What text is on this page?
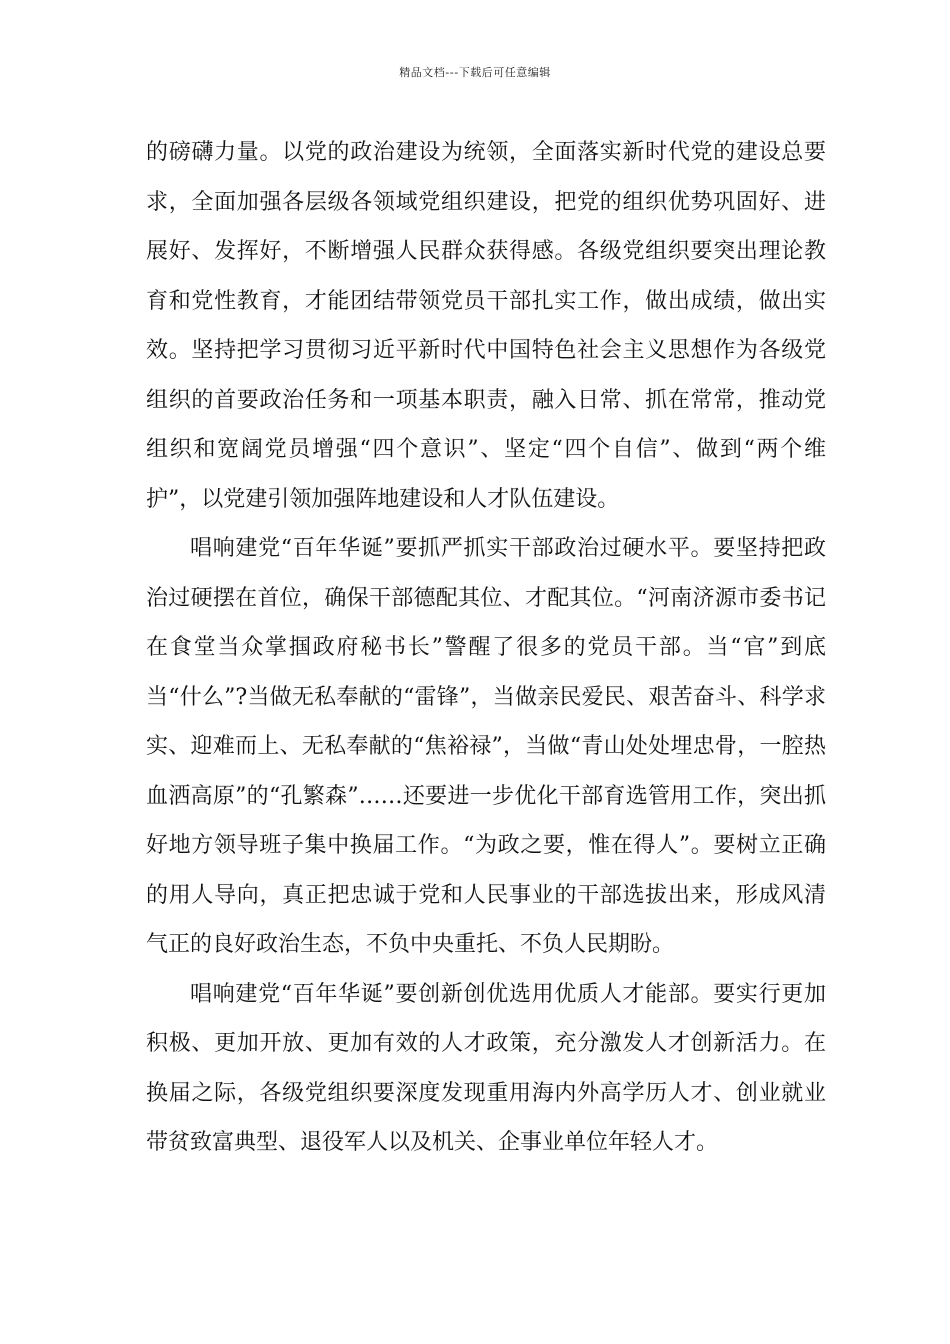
精品文档---下载后可任意编辑

的磅礴力量。以党的政治建设为统领，全面落实新时代党的建设总要求，全面加强各层级各领域党组织建设，把党的组织优势巩固好、进展好、发挥好，不断增强人民群众获得感。各级党组织要突出理论教育和党性教育，才能团结带领党员干部扎实工作，做出成绩，做出实效。坚持把学习贯彻习近平新时代中国特色社会主义思想作为各级党组织的首要政治任务和一项基本职责，融入日常、抓在常常，推动党组织和宽阔党员增强“四个意识”、坚定“四个自信”、做到“两个维护”，以党建引领加强阵地建设和人才队伍建设。

唱响建党“百年华诞”要抓严抓实干部政治过硬水平。要坚持把政治过硬摆在首位，确保干部德配其位、才配其位。“河南济源市委书记在食堂当众掌掴政府秘书长”警醒了很多的党员干部。当“官”到底当“什么”?当做无私奉献的“雷锋”，当做亲民爱民、艰苦奋斗、科学求实、迎难而上、无私奉献的“焦裕禄”，当做“青山处处埋忠骨，一腔热血洒高原”的“孔繁森”……还要进一步优化干部育选管用工作，突出抓好地方领导班子集中换届工作。“为政之要，惟在得人”。要树立正确的用人导向，真正把忠诚于党和人民事业的干部选拔出来，形成风清气正的良好政治生态，不负中央重托、不负人民期盼。

唱响建党“百年华诞”要创新创优选用优质人才能部。要实行更加积极、更加开放、更加有效的人才政策，充分激发人才创新活力。在换届之际，各级党组织要深度发现重用海内外高学历人才、创业就业带贫致富典型、退役军人以及机关、企事业单位年轻人才。
